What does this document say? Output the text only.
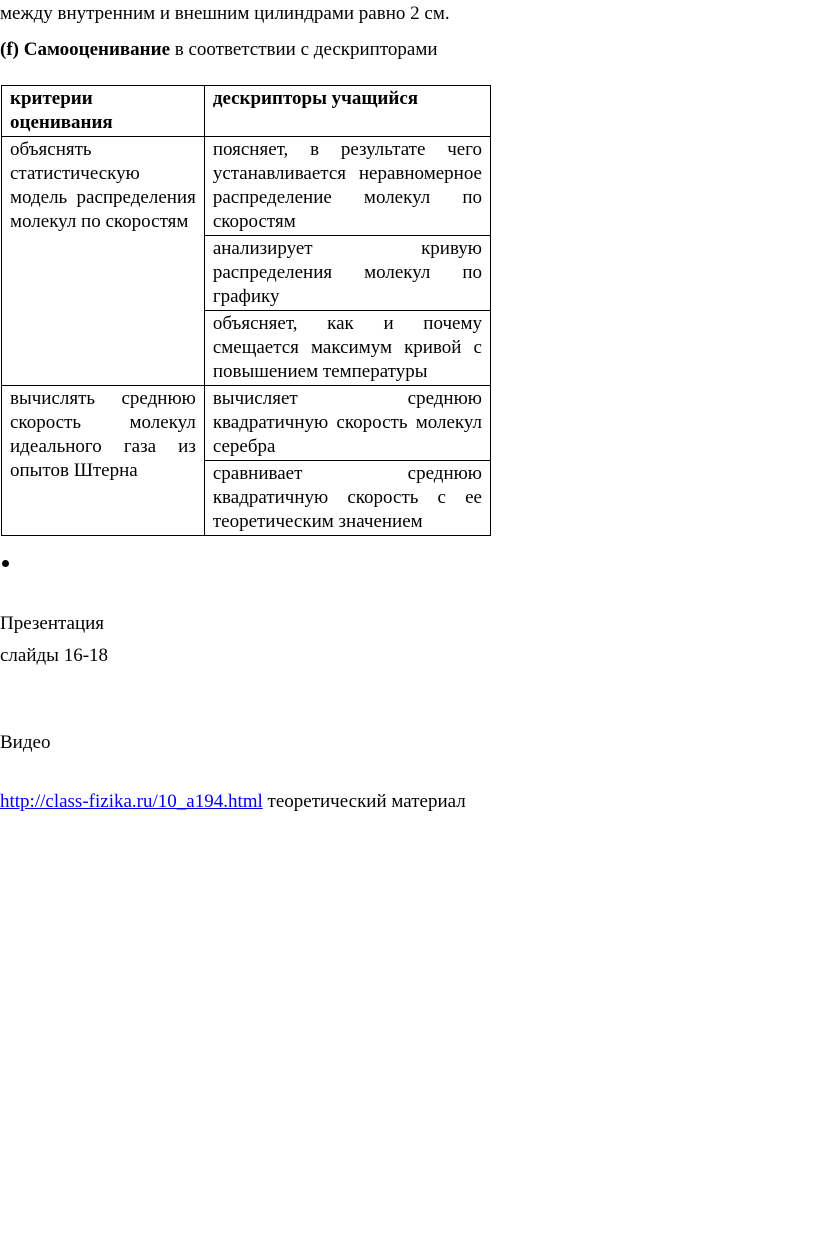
между внутренним и внешним цилиндрами равно 2 см.
(f) Самооценивание в соответствии с дескрипторами
критерии оценивания	дескрипторы учащийся
объяснять статистическую модель распределения молекул по скоростям	поясняет, в результате чего устанавливается неравномерное распределение молекул по скоростям
	анализирует кривую распределения молекул по графику
	объясняет, как и почему смещается максимум кривой с повышением температуры
вычислять среднюю скорость молекул идеального газа из опытов Штерна	вычисляет среднюю квадратичную скорость молекул серебра
	сравнивает среднюю квадратичную скорость с ее теоретическим значением
Презентация
слайды 16-18
Видео
http://class-fizika.ru/10_a194.html теоретический материал
